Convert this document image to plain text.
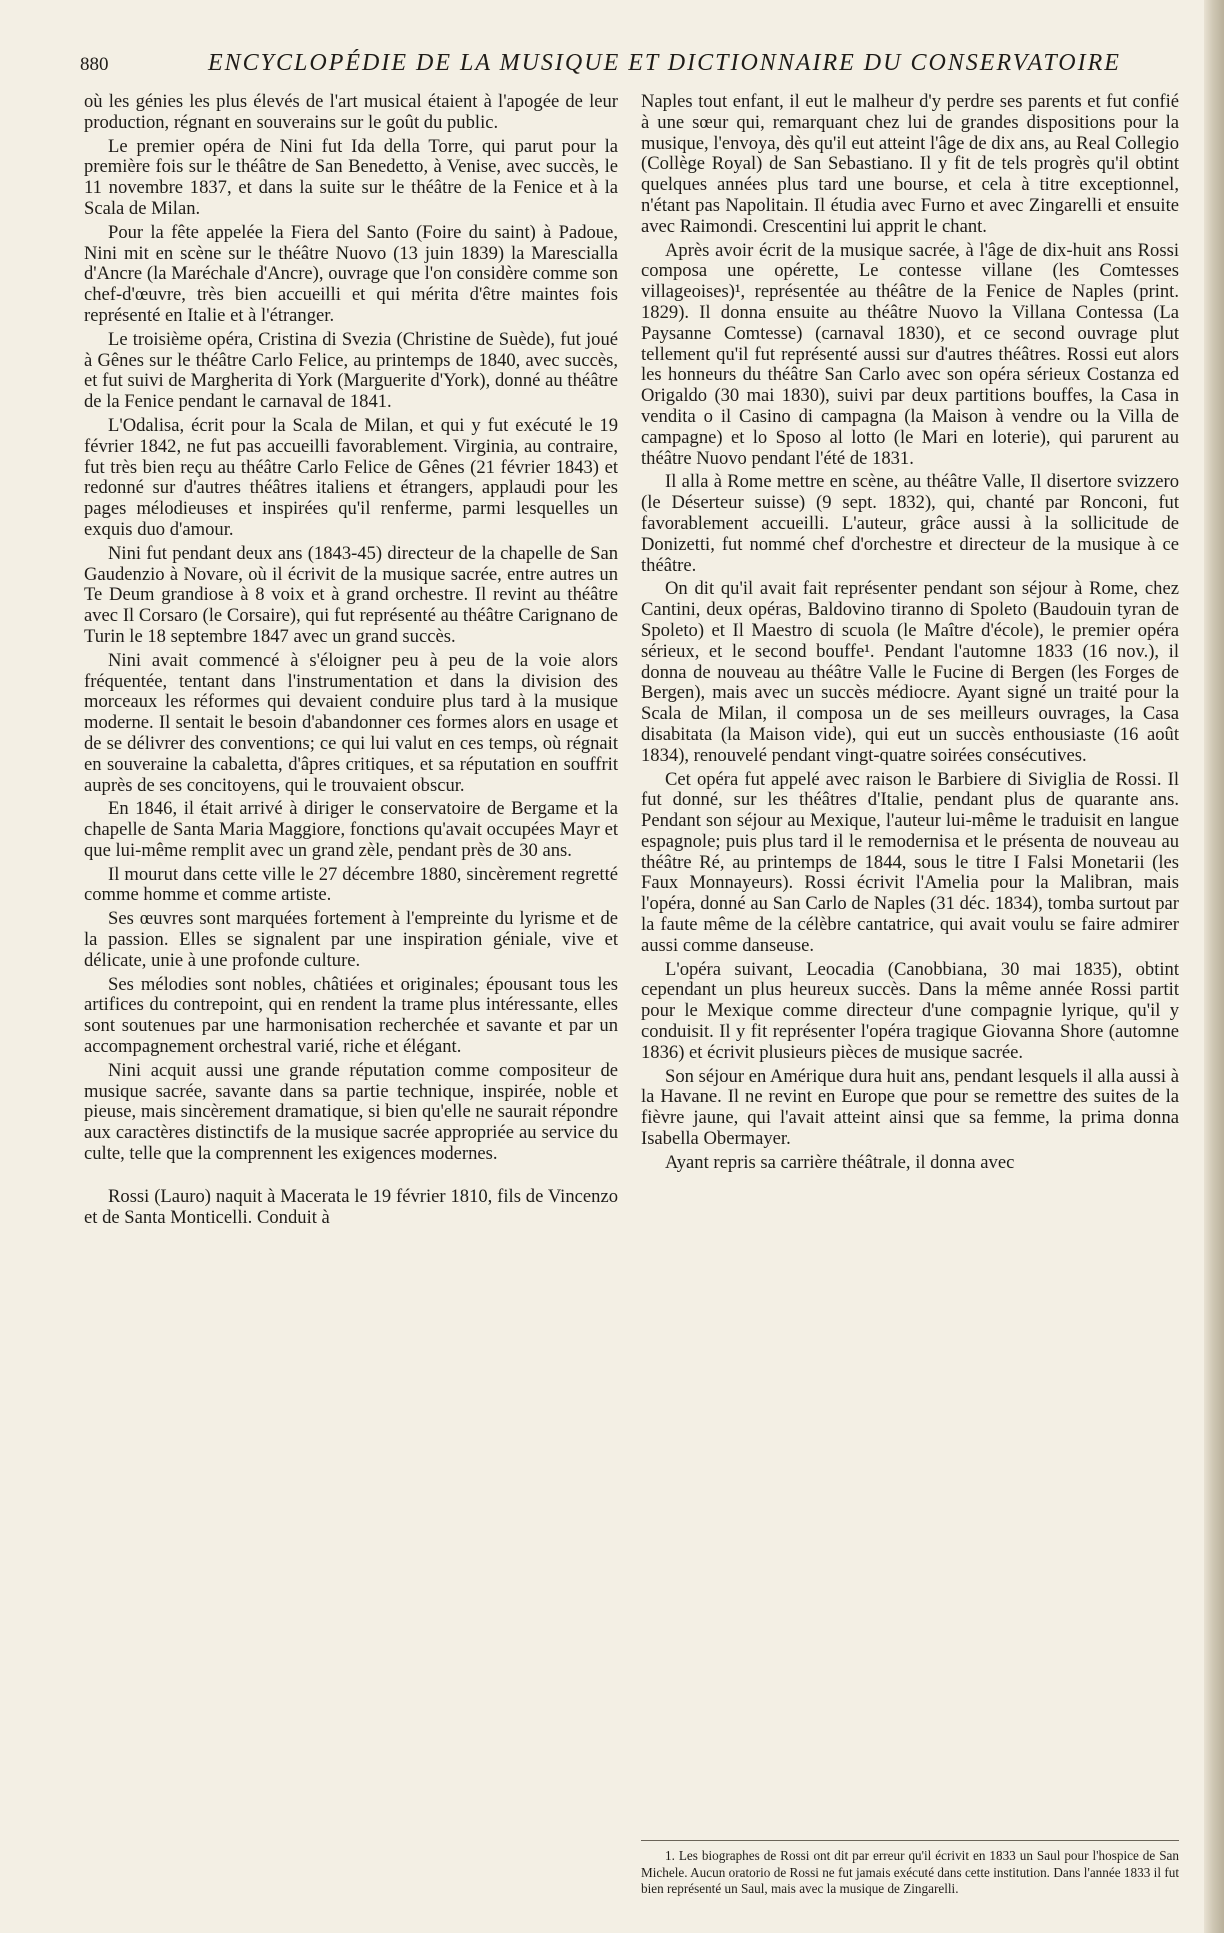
880	ENCYCLOPÉDIE DE LA MUSIQUE ET DICTIONNAIRE DU CONSERVATOIRE

où les génies les plus élevés de l'art musical étaient à l'apogée de leur production, régnant en souverains sur le goût du public.

Le premier opéra de Nini fut Ida della Torre, qui parut pour la première fois sur le théâtre de San Benedetto, à Venise, avec succès, le 11 novembre 1837, et dans la suite sur le théâtre de la Fenice et à la Scala de Milan.

Pour la fête appelée la Fiera del Santo (Foire du saint) à Padoue, Nini mit en scène sur le théâtre Nuovo (13 juin 1839) la Marescialla d'Ancre (la Maréchale d'Ancre), ouvrage que l'on considère comme son chef-d'œuvre, très bien accueilli et qui mérita d'être maintes fois représenté en Italie et à l'étranger.

Le troisième opéra, Cristina di Svezia (Christine de Suède), fut joué à Gênes sur le théâtre Carlo Felice, au printemps de 1840, avec succès, et fut suivi de Margherita di York (Marguerite d'York), donné au théâtre de la Fenice pendant le carnaval de 1841.

L'Odalisa, écrit pour la Scala de Milan, et qui y fut exécuté le 19 février 1842, ne fut pas accueilli favorablement. Virginia, au contraire, fut très bien reçu au théâtre Carlo Felice de Gênes (21 février 1843) et redonné sur d'autres théâtres italiens et étrangers, applaudi pour les pages mélodieuses et inspirées qu'il renferme, parmi lesquelles un exquis duo d'amour.

Nini fut pendant deux ans (1843-45) directeur de la chapelle de San Gaudenzio à Novare, où il écrivit de la musique sacrée, entre autres un Te Deum grandiose à 8 voix et à grand orchestre. Il revint au théâtre avec Il Corsaro (le Corsaire), qui fut représenté au théâtre Carignano de Turin le 18 septembre 1847 avec un grand succès.

Nini avait commencé à s'éloigner peu à peu de la voie alors fréquentée, tentant dans l'instrumentation et dans la division des morceaux les réformes qui devaient conduire plus tard à la musique moderne. Il sentait le besoin d'abandonner ces formes alors en usage et de se délivrer des conventions; ce qui lui valut en ces temps, où régnait en souveraine la cabaletta, d'âpres critiques, et sa réputation en souffrit auprès de ses concitoyens, qui le trouvaient obscur.

En 1846, il était arrivé à diriger le conservatoire de Bergame et la chapelle de Santa Maria Maggiore, fonctions qu'avait occupées Mayr et que lui-même remplit avec un grand zèle, pendant près de 30 ans.

Il mourut dans cette ville le 27 décembre 1880, sincèrement regretté comme homme et comme artiste.

Ses œuvres sont marquées fortement à l'empreinte du lyrisme et de la passion. Elles se signalent par une inspiration géniale, vive et délicate, unie à une profonde culture.

Ses mélodies sont nobles, châtiées et originales; épousant tous les artifices du contrepoint, qui en rendent la trame plus intéressante, elles sont soutenues par une harmonisation recherchée et savante et par un accompagnement orchestral varié, riche et élégant.

Nini acquit aussi une grande réputation comme compositeur de musique sacrée, savante dans sa partie technique, inspirée, noble et pieuse, mais sincèrement dramatique, si bien qu'elle ne saurait répondre aux caractères distinctifs de la musique sacrée appropriée au service du culte, telle que la comprennent les exigences modernes.

Rossi (Lauro) naquit à Macerata le 19 février 1810, fils de Vincenzo et de Santa Monticelli. Conduit à

Naples tout enfant, il eut le malheur d'y perdre ses parents et fut confié à une sœur qui, remarquant chez lui de grandes dispositions pour la musique, l'envoya, dès qu'il eut atteint l'âge de dix ans, au Real Collegio (Collège Royal) de San Sebastiano. Il y fit de tels progrès qu'il obtint quelques années plus tard une bourse, et cela à titre exceptionnel, n'étant pas Napolitain. Il étudia avec Furno et avec Zingarelli et ensuite avec Raimondi. Crescentini lui apprit le chant.

Après avoir écrit de la musique sacrée, à l'âge de dix-huit ans Rossi composa une opérette, Le contesse villane (les Comtesses villageoises)¹, représentée au théâtre de la Fenice de Naples (print. 1829). Il donna ensuite au théâtre Nuovo la Villana Contessa (La Paysanne Comtesse) (carnaval 1830), et ce second ouvrage plut tellement qu'il fut représenté aussi sur d'autres théâtres. Rossi eut alors les honneurs du théâtre San Carlo avec son opéra sérieux Costanza ed Origaldo (30 mai 1830), suivi par deux partitions bouffes, la Casa in vendita o il Casino di campagna (la Maison à vendre ou la Villa de campagne) et lo Sposo al lotto (le Mari en loterie), qui parurent au théâtre Nuovo pendant l'été de 1831.

Il alla à Rome mettre en scène, au théâtre Valle, Il disertore svizzero (le Déserteur suisse) (9 sept. 1832), qui, chanté par Ronconi, fut favorablement accueilli. L'auteur, grâce aussi à la sollicitude de Donizetti, fut nommé chef d'orchestre et directeur de la musique à ce théâtre.

On dit qu'il avait fait représenter pendant son séjour à Rome, chez Cantini, deux opéras, Baldovino tiranno di Spoleto (Baudouin tyran de Spoleto) et Il Maestro di scuola (le Maître d'école), le premier opéra sérieux, et le second bouffe¹. Pendant l'automne 1833 (16 nov.), il donna de nouveau au théâtre Valle le Fucine di Bergen (les Forges de Bergen), mais avec un succès médiocre. Ayant signé un traité pour la Scala de Milan, il composa un de ses meilleurs ouvrages, la Casa disabitata (la Maison vide), qui eut un succès enthousiaste (16 août 1834), renouvelé pendant vingt-quatre soirées consécutives.

Cet opéra fut appelé avec raison le Barbiere di Siviglia de Rossi. Il fut donné, sur les théâtres d'Italie, pendant plus de quarante ans. Pendant son séjour au Mexique, l'auteur lui-même le traduisit en langue espagnole; puis plus tard il le remodernisa et le présenta de nouveau au théâtre Ré, au printemps de 1844, sous le titre I Falsi Monetarii (les Faux Monnayeurs). Rossi écrivit l'Amelia pour la Malibran, mais l'opéra, donné au San Carlo de Naples (31 déc. 1834), tomba surtout par la faute même de la célèbre cantatrice, qui avait voulu se faire admirer aussi comme danseuse.

L'opéra suivant, Leocadia (Canobbiana, 30 mai 1835), obtint cependant un plus heureux succès. Dans la même année Rossi partit pour le Mexique comme directeur d'une compagnie lyrique, qu'il y conduisit. Il y fit représenter l'opéra tragique Giovanna Shore (automne 1836) et écrivit plusieurs pièces de musique sacrée.

Son séjour en Amérique dura huit ans, pendant lesquels il alla aussi à la Havane. Il ne revint en Europe que pour se remettre des suites de la fièvre jaune, qui l'avait atteint ainsi que sa femme, la prima donna Isabella Obermayer.

Ayant repris sa carrière théâtrale, il donna avec

1. Les biographes de Rossi ont dit par erreur qu'il écrivit en 1833 un Saul pour l'hospice de San Michele. Aucun oratorio de Rossi ne fut jamais exécuté dans cette institution. Dans l'année 1833 il fut bien représenté un Saul, mais avec la musique de Zingarelli.
